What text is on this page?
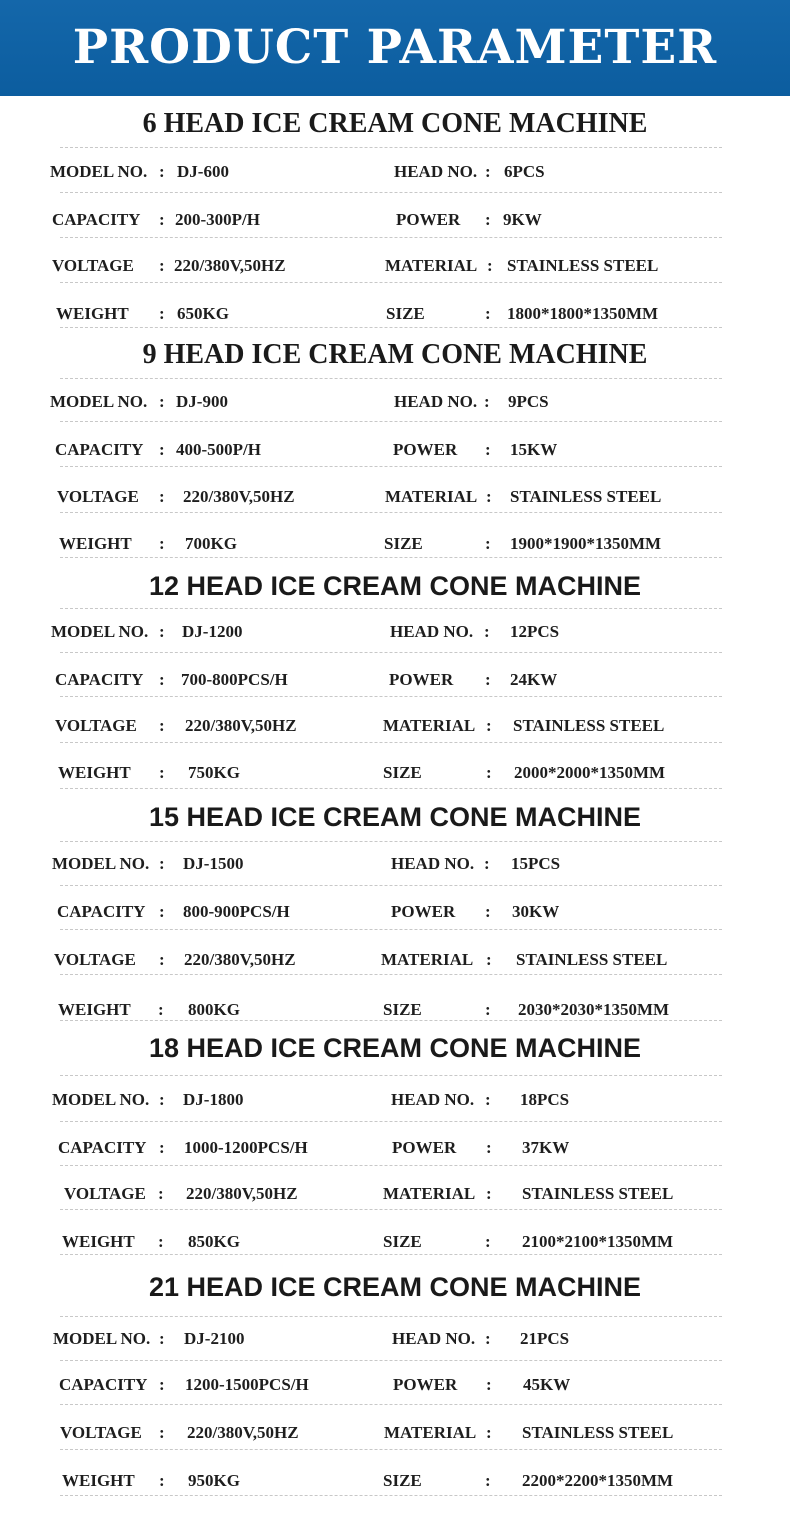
PRODUCT PARAMETER
6 HEAD ICE CREAM CONE MACHINE
MODEL NO. : DJ-600	HEAD NO. : 6PCS
CAPACITY : 200-300P/H	POWER : 9KW
VOLTAGE : 220/380V,50HZ	MATERIAL : STAINLESS STEEL
WEIGHT : 650KG	SIZE	: 1800*1800*1350MM
9 HEAD ICE CREAM CONE MACHINE
MODEL NO. : DJ-900	HEAD NO. : 9PCS
CAPACITY : 400-500P/H	POWER : 15KW
VOLTAGE : 220/380V,50HZ	MATERIAL : STAINLESS STEEL
WEIGHT : 700KG	SIZE	: 1900*1900*1350MM
12 HEAD ICE CREAM CONE MACHINE
MODEL NO. : DJ-1200	HEAD NO. : 12PCS
CAPACITY : 700-800PCS/H	POWER : 24KW
VOLTAGE : 220/380V,50HZ	MATERIAL : STAINLESS STEEL
WEIGHT : 750KG	SIZE	: 2000*2000*1350MM
15 HEAD ICE CREAM CONE MACHINE
MODEL NO. : DJ-1500	HEAD NO. : 15PCS
CAPACITY : 800-900PCS/H	POWER : 30KW
VOLTAGE : 220/380V,50HZ	MATERIAL : STAINLESS STEEL
WEIGHT : 800KG	SIZE	: 2030*2030*1350MM
18 HEAD ICE CREAM CONE MACHINE
MODEL NO. : DJ-1800	HEAD NO. : 18PCS
CAPACITY : 1000-1200PCS/H	POWER : 37KW
VOLTAGE : 220/380V,50HZ	MATERIAL : STAINLESS STEEL
WEIGHT : 850KG	SIZE	: 2100*2100*1350MM
21 HEAD ICE CREAM CONE MACHINE
MODEL NO. : DJ-2100	HEAD NO. : 21PCS
CAPACITY : 1200-1500PCS/H	POWER : 45KW
VOLTAGE : 220/380V,50HZ	MATERIAL : STAINLESS STEEL
WEIGHT : 950KG	SIZE	: 2200*2200*1350MM
